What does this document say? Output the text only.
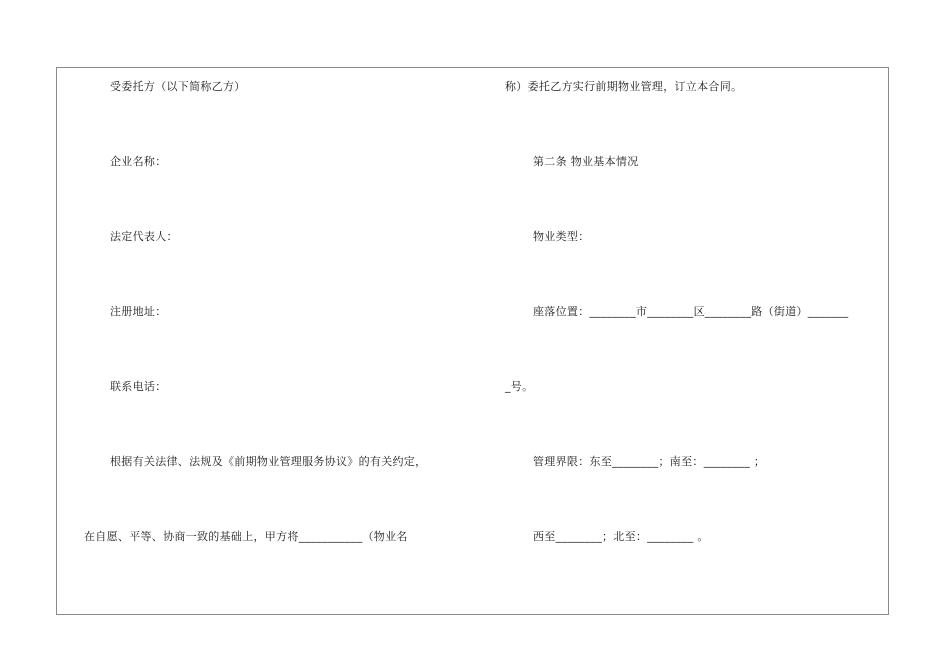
受委托方（以下简称乙方）
企业名称：
法定代表人：
注册地址：
联系电话：
根据有关法律、法规及《前期物业管理服务协议》的有关约定，
在自愿、平等、协商一致的基础上，甲方将___________（物业名
称）委托乙方实行前期物业管理，订立本合同。
第二条 物业基本情况
物业类型：
座落位置：________市________区________路（街道）_______
_号。
管理界限：东至________；南至：________ ；
西至________；北至：________ 。
